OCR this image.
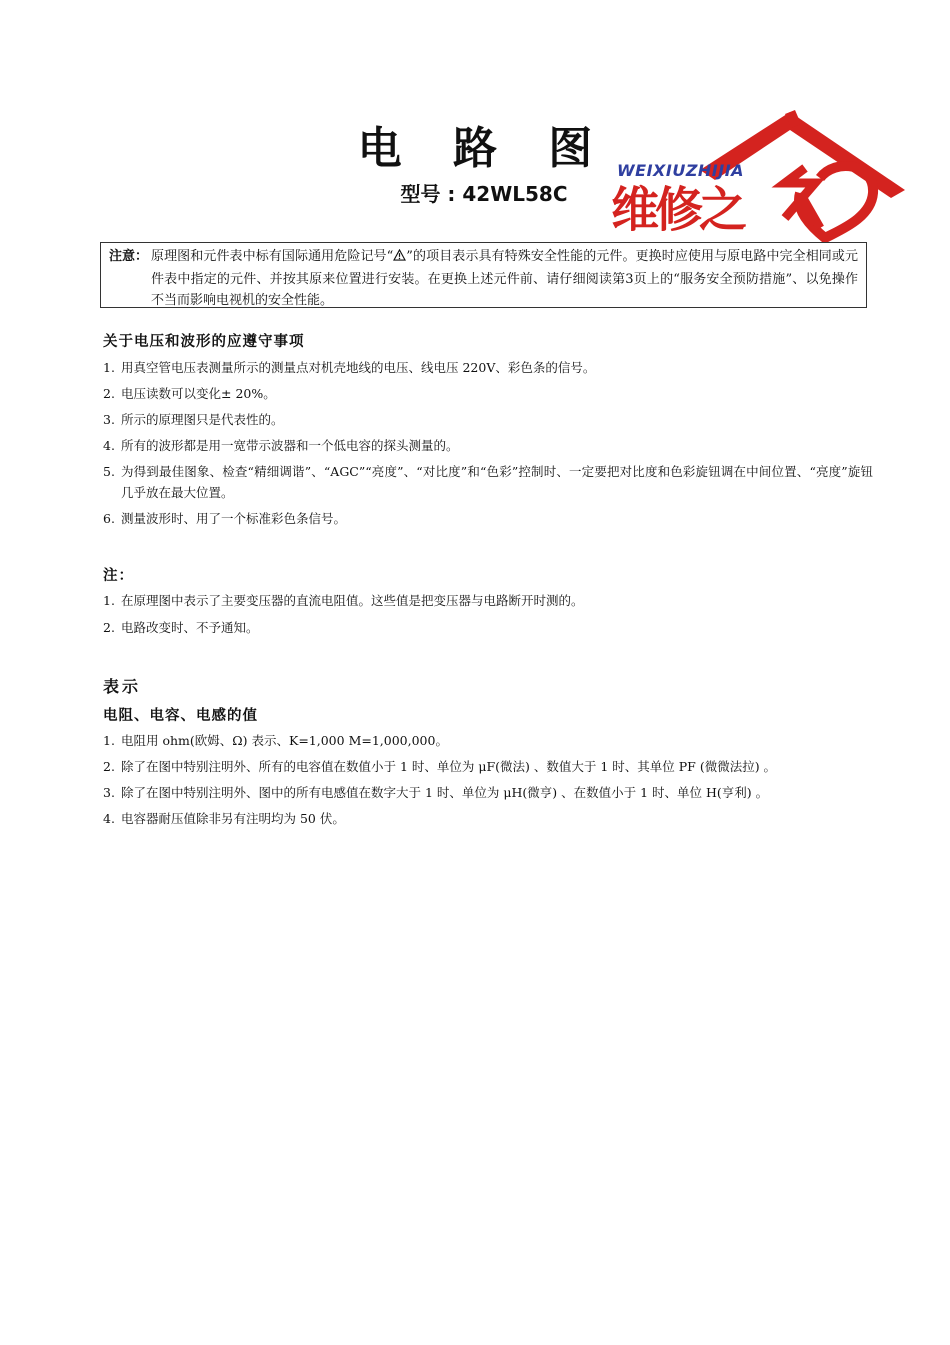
电 路 图
型号 : 42WL58C
WEIXIUZHIJIA
维修之
注意： 原理图和元件表中标有国际通用危险记号“ ”的项目表示具有特殊安全性能的元件。更换时应使用与原电路中完全相同或元件表中指定的元件、并按其原来位置进行安装。在更换上述元件前、请仔细阅读第3页上的“服务安全预防措施”、以免操作不当而影响电视机的安全性能。
关于电压和波形的应遵守事项
1. 用真空管电压表测量所示的测量点对机壳地线的电压、线电压 220V、彩色条的信号。
2. 电压读数可以变化± 20%。
3. 所示的原理图只是代表性的。
4. 所有的波形都是用一宽带示波器和一个低电容的探头测量的。
5. 为得到最佳图象、检查“精细调谐”、“AGC”“亮度”、“对比度”和“色彩”控制时、一定要把对比度和色彩旋钮调在中间位置、“亮度”旋钮几乎放在最大位置。
6. 测量波形时、用了一个标准彩色条信号。
注：
1. 在原理图中表示了主要变压器的直流电阻值。这些值是把变压器与电路断开时测的。
2. 电路改变时、不予通知。
表示
电阻、电容、电感的值
1. 电阻用 ohm(欧姆、Ω) 表示、K=1,000 M=1,000,000。
2. 除了在图中特别注明外、所有的电容值在数值小于 1 时、单位为 μF(微法) 、数值大于 1 时、其单位 PF (微微法拉) 。
3. 除了在图中特别注明外、图中的所有电感值在数字大于 1 时、单位为 μH(微亨) 、在数值小于 1 时、单位 H(亨利) 。
4. 电容器耐压值除非另有注明均为 50 伏。
